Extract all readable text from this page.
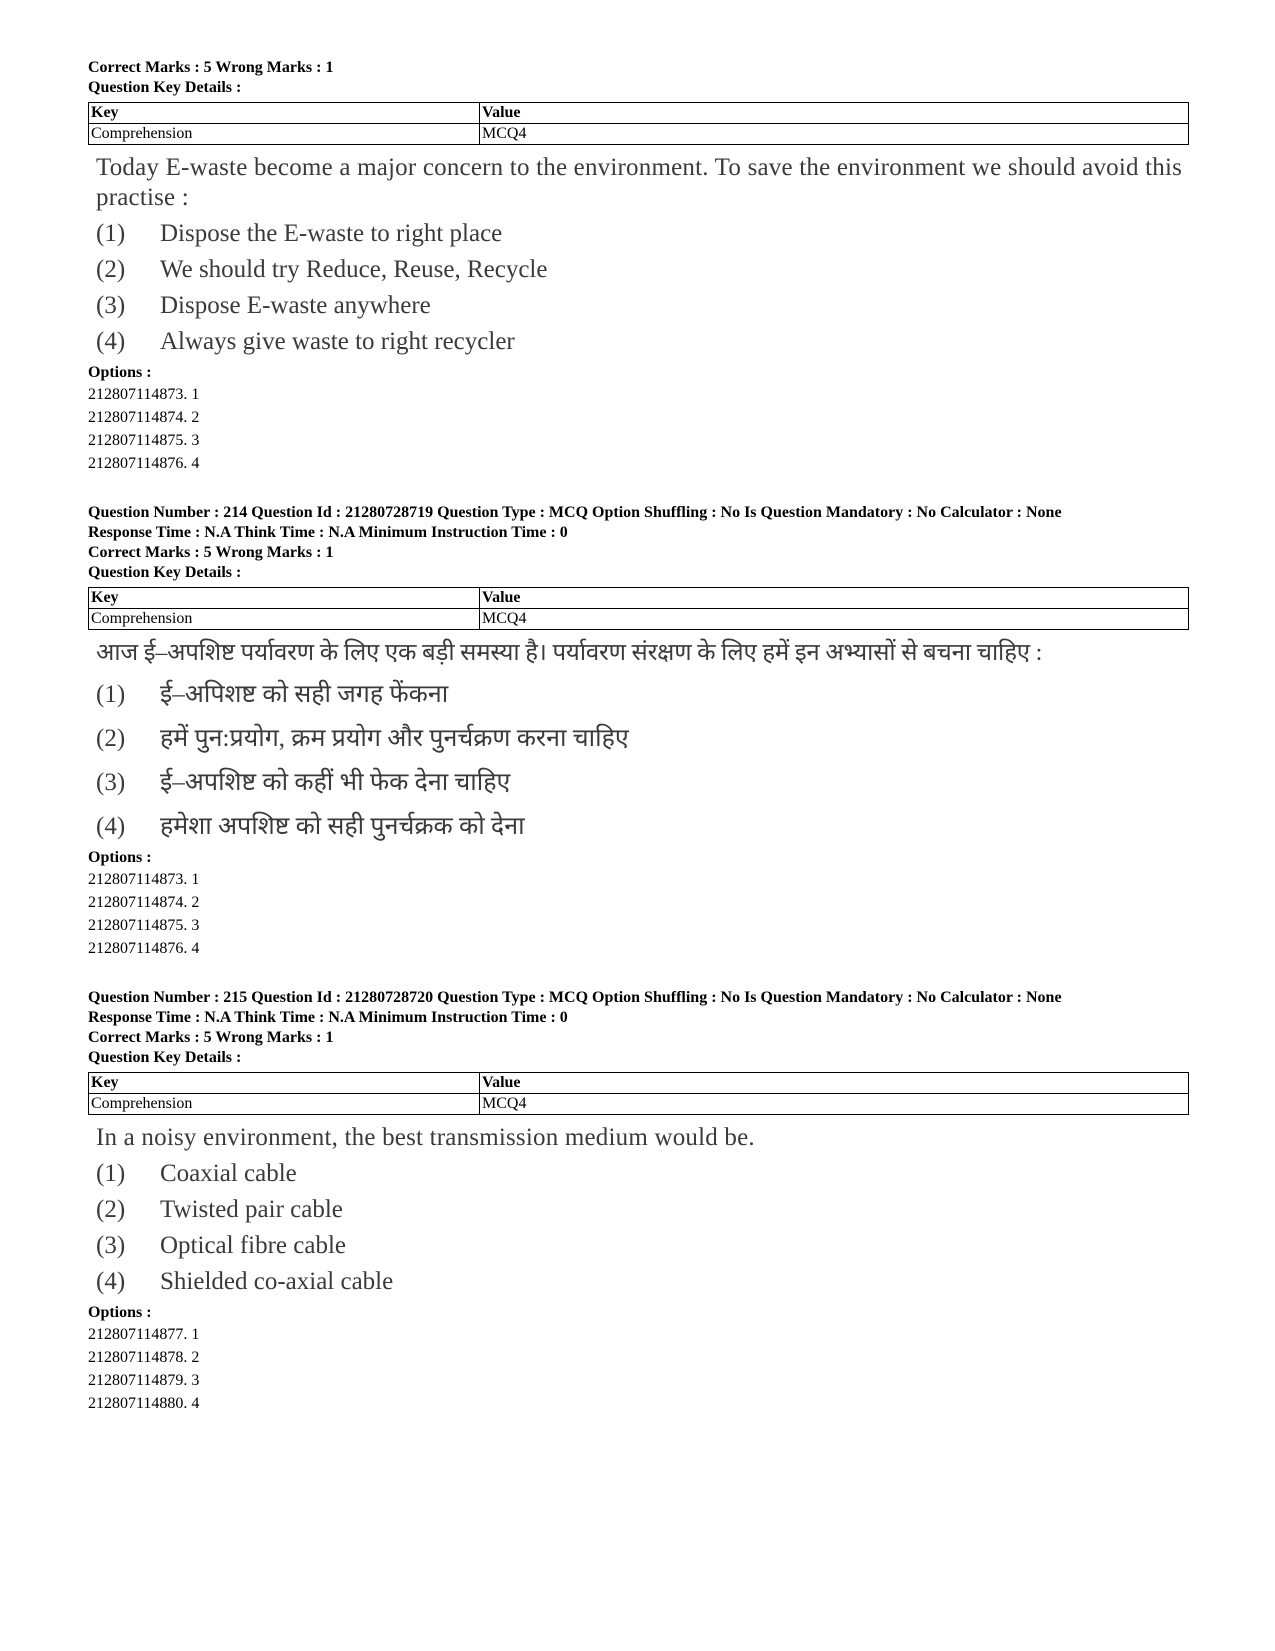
Correct Marks : 5 Wrong Marks : 1
Question Key Details :
Key	Value
Comprehension	MCQ4
Today E-waste become a major concern to the environment. To save the environment we should avoid this practise :
(1)	Dispose the E-waste to right place
(2)	We should try Reduce, Reuse, Recycle
(3)	Dispose E-waste anywhere
(4)	Always give waste to right recycler
Options :
212807114873. 1
212807114874. 2
212807114875. 3
212807114876. 4
Question Number : 214 Question Id : 21280728719 Question Type : MCQ Option Shuffling : No Is Question Mandatory : No Calculator : None
Response Time : N.A Think Time : N.A Minimum Instruction Time : 0
Correct Marks : 5 Wrong Marks : 1
Question Key Details :
Key	Value
Comprehension	MCQ4
आज ई–अपशिष्ट पर्यावरण के लिए एक बड़ी समस्या है। पर्यावरण संरक्षण के लिए हमें इन अभ्यासों से बचना चाहिए :
(1)	ई–अपिशष्ट को सही जगह फेंकना
(2)	हमें पुन:प्रयोग, क्रम प्रयोग और पुनर्चक्रण करना चाहिए
(3)	ई–अपशिष्ट को कहीं भी फेक देना चाहिए
(4)	हमेशा अपशिष्ट को सही पुनर्चक्रक को देना
Options :
212807114873. 1
212807114874. 2
212807114875. 3
212807114876. 4
Question Number : 215 Question Id : 21280728720 Question Type : MCQ Option Shuffling : No Is Question Mandatory : No Calculator : None
Response Time : N.A Think Time : N.A Minimum Instruction Time : 0
Correct Marks : 5 Wrong Marks : 1
Question Key Details :
Key	Value
Comprehension	MCQ4
In a noisy environment, the best transmission medium would be.
(1)	Coaxial cable
(2)	Twisted pair cable
(3)	Optical fibre cable
(4)	Shielded co-axial cable
Options :
212807114877. 1
212807114878. 2
212807114879. 3
212807114880. 4
